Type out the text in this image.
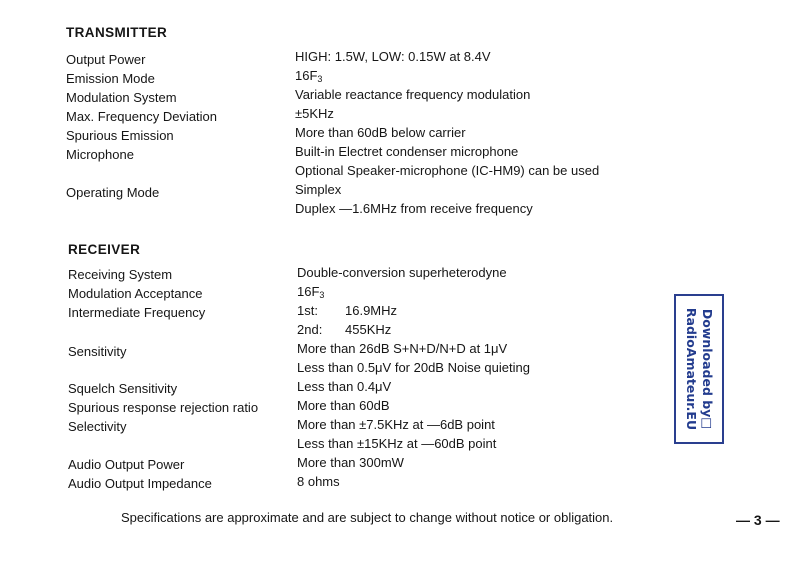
TRANSMITTER
Output Power	HIGH: 1.5W, LOW: 0.15W at 8.4V
Emission Mode	$16F_3$
Modulation System	Variable reactance frequency modulation
Max. Frequency Deviation	±5KHz
Spurious Emission	More than 60dB below carrier
Microphone	Built-in Electret condenser microphone
Optional Speaker-microphone (IC-HM9) can be used
Operating Mode	Simplex
Duplex —1.6MHz from receive frequency
RECEIVER
Receiving System	Double-conversion superheterodyne
Modulation Acceptance	$16F_3$
Intermediate Frequency	1st: 16.9MHz
2nd: 455KHz
Sensitivity	More than 26dB S+N+D/N+D at 1μV
Less than 0.5μV for 20dB Noise quieting
Squelch Sensitivity	Less than 0.4μV
Spurious response rejection ratio	More than 60dB
Selectivity	More than ±7.5KHz at —6dB point
Less than ±15KHz at —60dB point
Audio Output Power	More than 300mW
Audio Output Impedance	8 ohms
Downloaded by□
RadioAmateur.EU
Specifications are approximate and are subject to change without notice or obligation.	— 3 —
